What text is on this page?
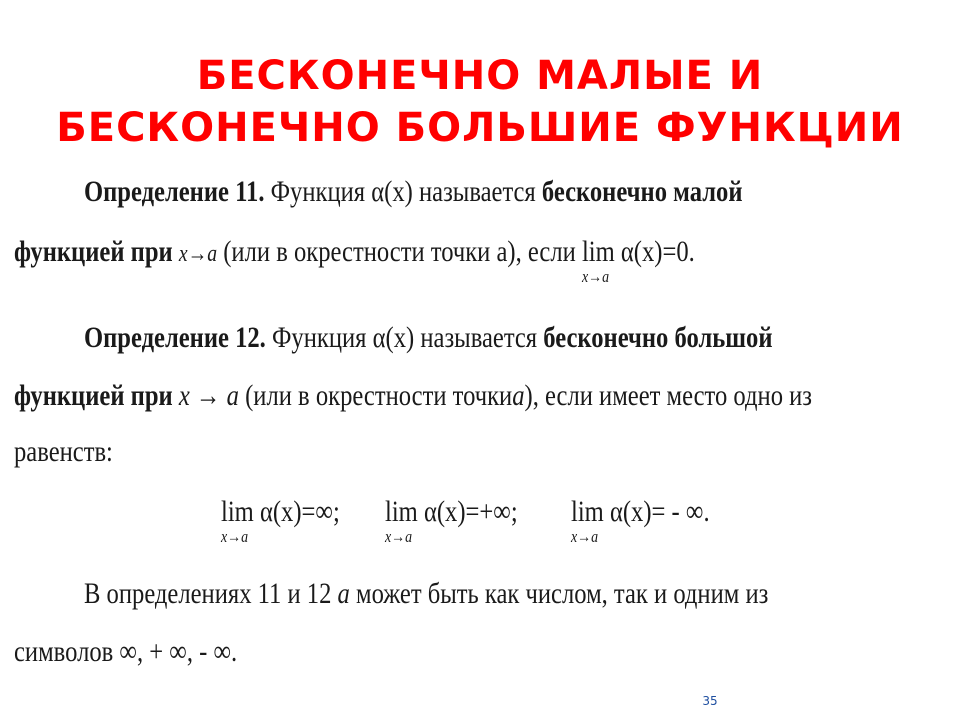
БЕСКОНЕЧНО МАЛЫЕ И
БЕСКОНЕЧНО БОЛЬШИЕ ФУНКЦИИ
Определение 11. Функция α(x) называется бесконечно малой
функцией при x→a (или в окрестности точки а), если lim
x→a
α(x)=0.
Определение 12. Функция α(x) называется бесконечно большой
функцией при x → a (или в окрестности точкиa), если имеет место одно из
равенств:
lim
x→a
α(x)=∞; lim
x→a
α(x)=+∞; lim
x→a
α(x)= - ∞.
В определениях 11 и 12 a может быть как числом, так и одним из
символов ∞, + ∞, - ∞.
35
